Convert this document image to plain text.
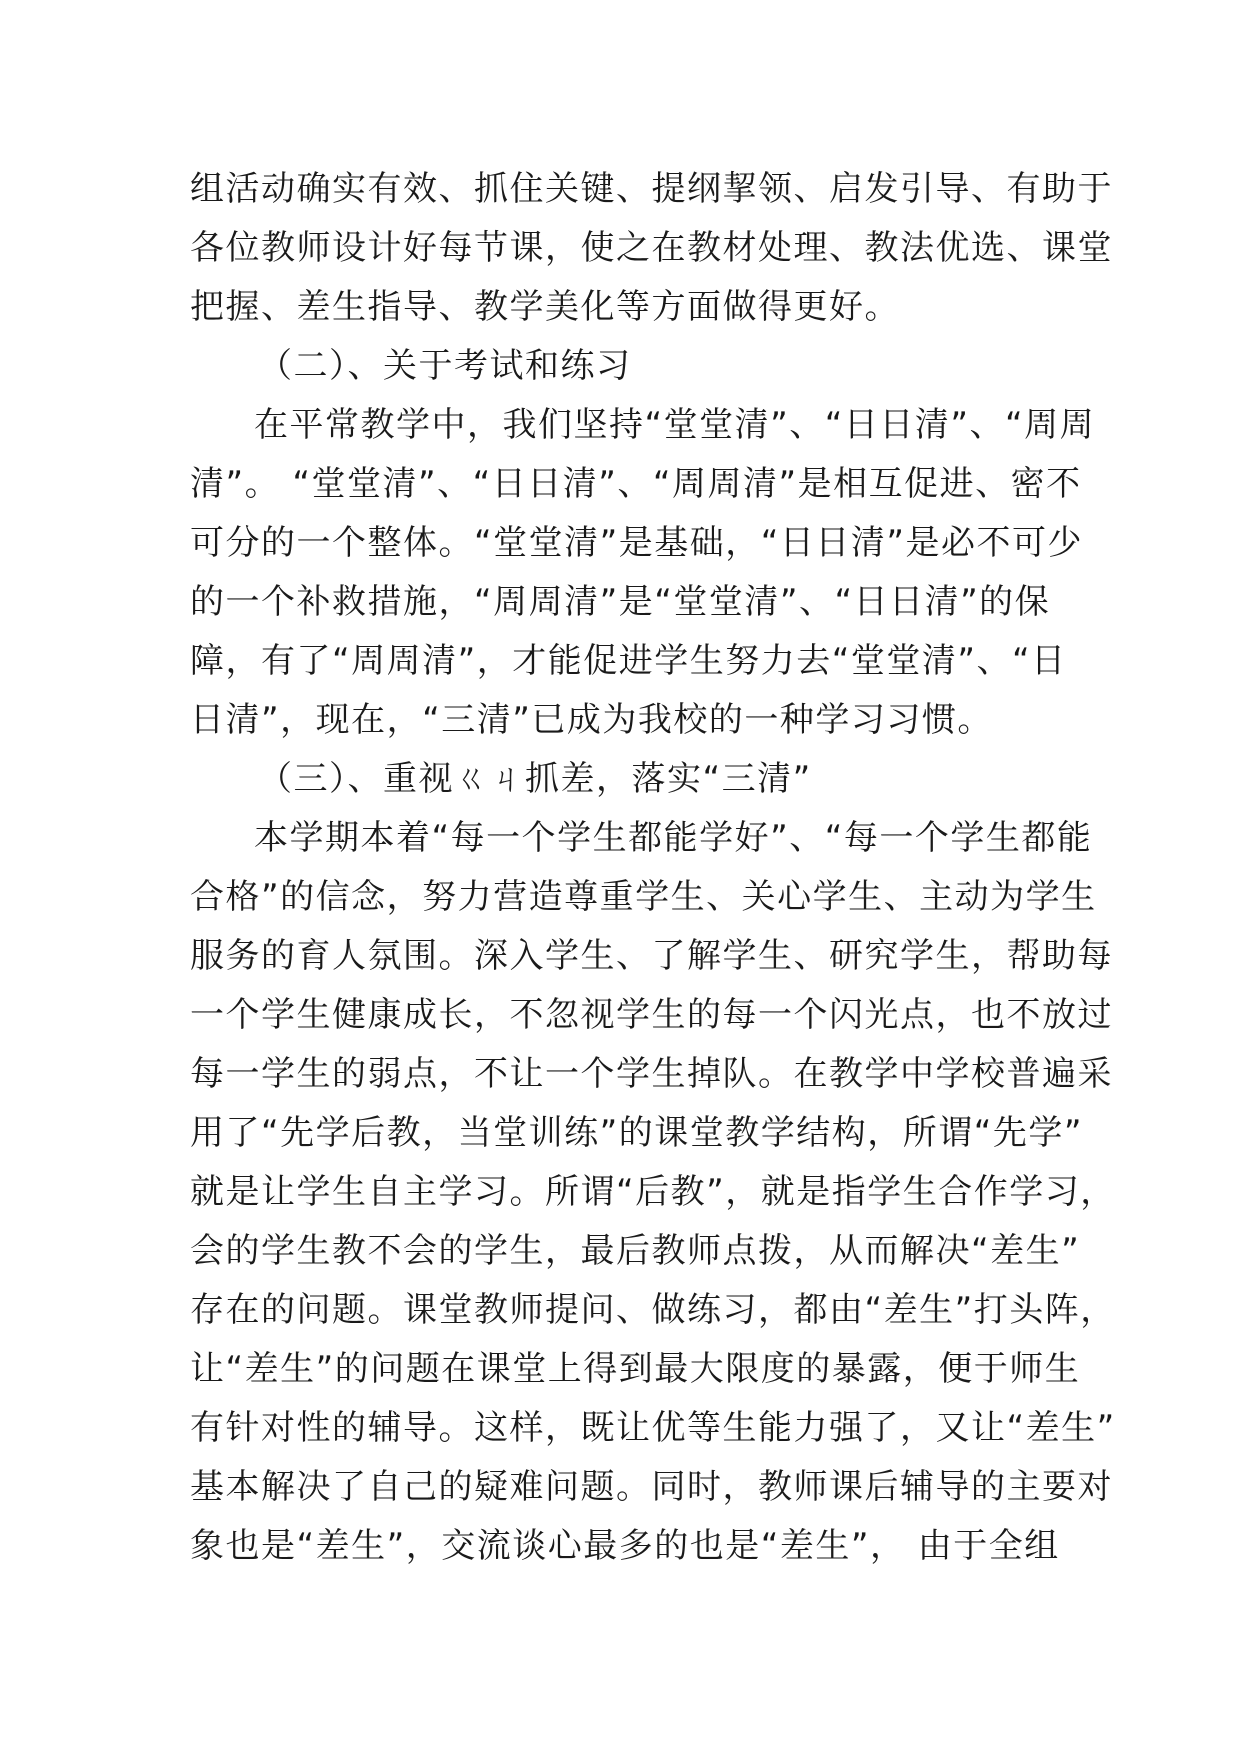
组活动确实有效、抓住关键、提纲挈领、启发引导、有助于
各位教师设计好每节课，使之在教材处理、教法优选、课堂
把握、差生指导、教学美化等方面做得更好。
（二）、关于考试和练习
在平常教学中，我们坚持“堂堂清”、“日日清”、“周周
清”。 “堂堂清”、“日日清”、“周周清”是相互促进、密不
可分的一个整体。“堂堂清”是基础，“日日清”是必不可少
的一个补救措施，“周周清”是“堂堂清”、“日日清”的保
障，有了“周周清”，才能促进学生努力去“堂堂清”、“日
日清”，现在，“三清”已成为我校的一种学习习惯。
（三）、重视ㄍㄐ抓差，落实“三清”
本学期本着“每一个学生都能学好”、“每一个学生都能
合格”的信念，努力营造尊重学生、关心学生、主动为学生
服务的育人氛围。深入学生、了解学生、研究学生，帮助每
一个学生健康成长，不忽视学生的每一个闪光点，也不放过
每一学生的弱点，不让一个学生掉队。在教学中学校普遍采
用了“先学后教，当堂训练”的课堂教学结构，所谓“先学”
就是让学生自主学习。所谓“后教”，就是指学生合作学习，
会的学生教不会的学生，最后教师点拨，从而解决“差生”
存在的问题。课堂教师提问、做练习，都由“差生”打头阵，
让“差生”的问题在课堂上得到最大限度的暴露，便于师生
有针对性的辅导。这样，既让优等生能力强了，又让“差生”
基本解决了自己的疑难问题。同时，教师课后辅导的主要对
象也是“差生”，交流谈心最多的也是“差生”， 由于全组
